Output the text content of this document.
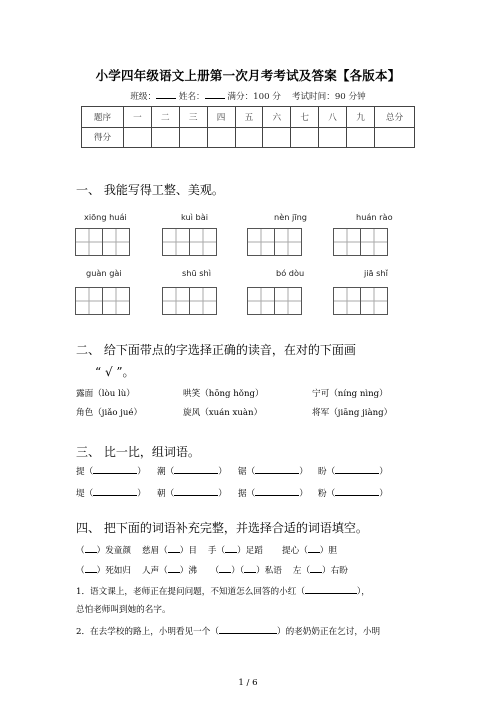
小学四年级语文上册第一次月考考试及答案【各版本】
班级：	姓名：	满分：100 分 考试时间：90 分钟
题序	一	二	三	四	五	六	七	八	九	总分
得分										
一、 我能写得工整、美观。
xiōng huái	kuì bài	nèn jīng	huán rào
guàn gài	shū shì	bó dòu	jiā shǐ
二、 给下面带点的字选择正确的读音，在对的下面画
“ √ ”。
露面（lòu lù）	哄笑（hōng hǒng）	宁可（níng nìng）
角色（jiǎo jué）	旋风（xuán xuàn）	将军（jiāng jiàng）
三、 比一比，组词语。
提（	） 潮（	） 锯（	） 盼（	）
堤（	） 朝（	） 据（	） 粉（	）
四、 把下面的词语补充完整，并选择合适的词语填空。
（ ）发童颜 慈眉（ ）目 手（ ）足蹈 提心（ ）胆
（ ）死如归 人声（ ）沸 （ ）（ ）私语 左（ ）右盼
1．语文课上，老师正在提问问题，不知道怎么回答的小红（	），
总怕老师叫到她的名字。
2．在去学校的路上，小明看见一个（	）的老奶奶正在乞讨，小明
1 / 6
